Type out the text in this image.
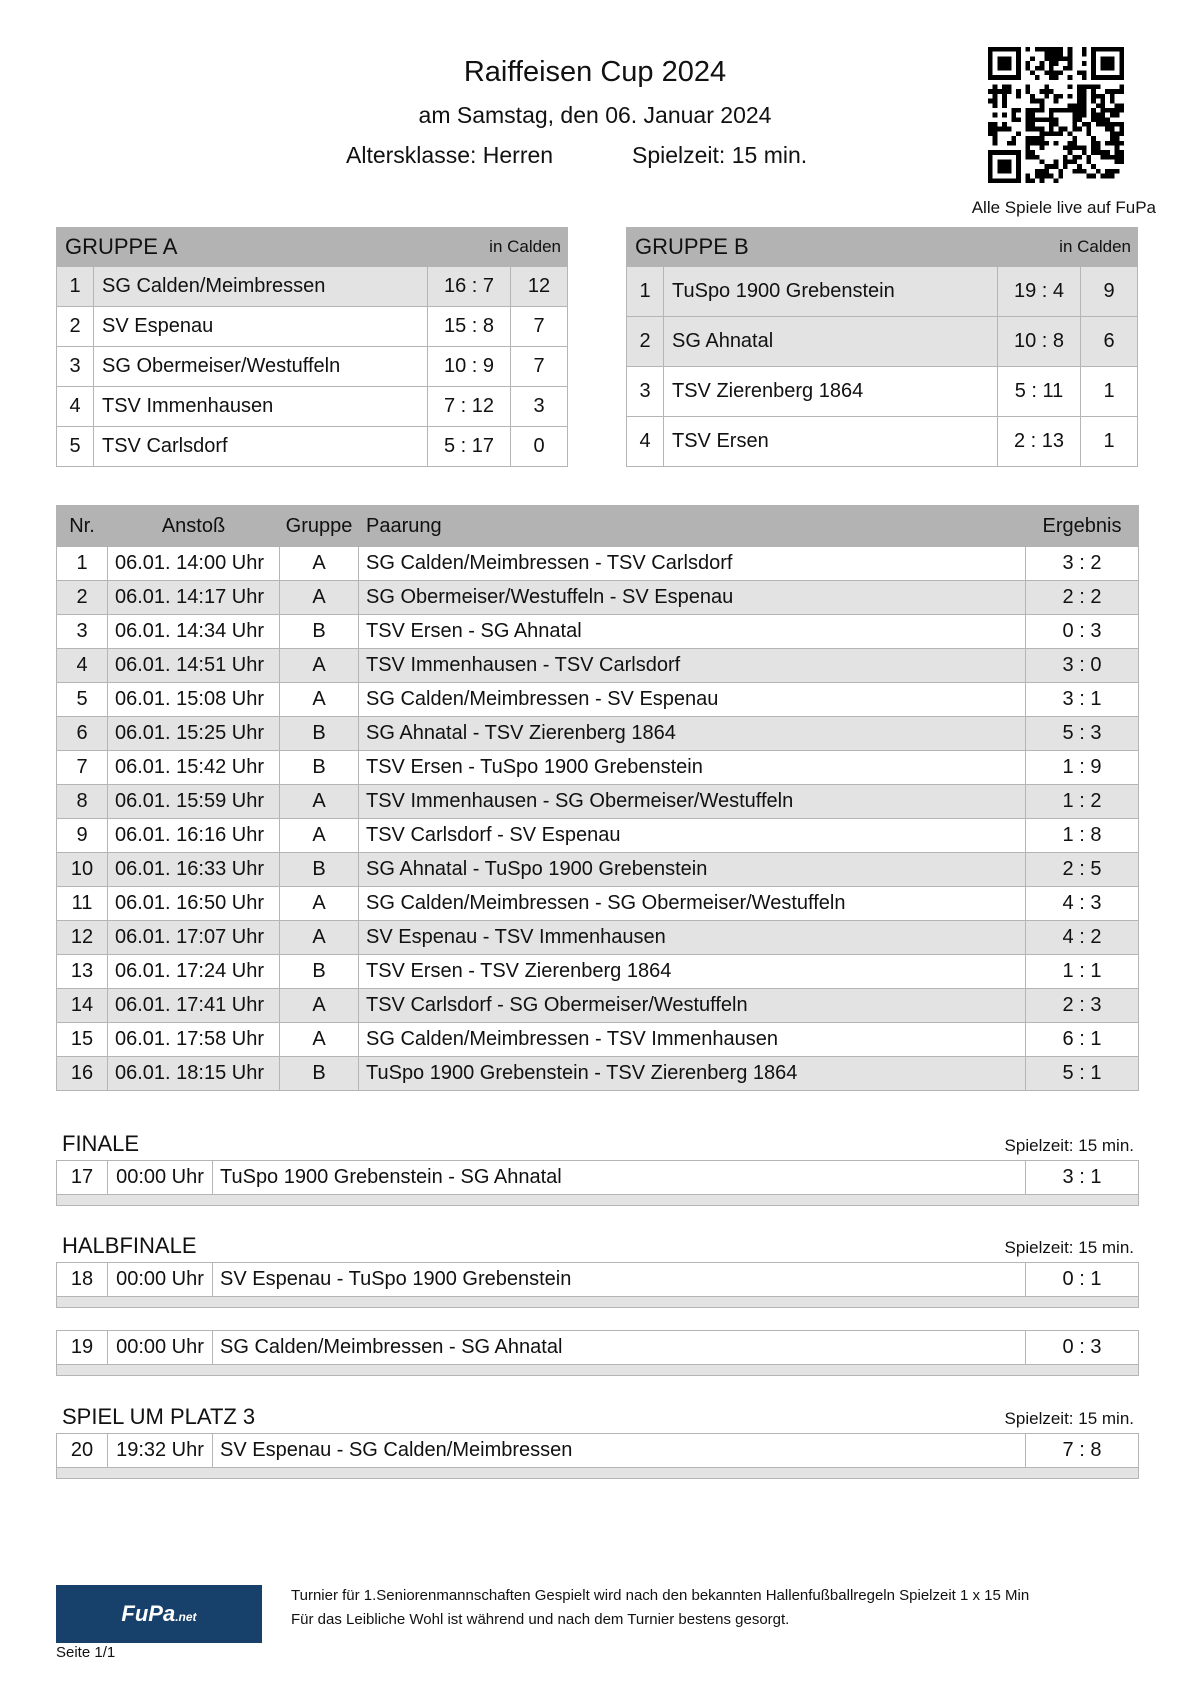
Raiffeisen Cup 2024
am Samstag, den 06. Januar 2024
Altersklasse: Herren	Spielzeit: 15 min.
Alle Spiele live auf FuPa
GRUPPE A		in Calden	
1	SG Calden/Meimbressen	16 : 7	12
2	SV Espenau	15 : 8	7
3	SG Obermeiser/Westuffeln	10 : 9	7
4	TSV Immenhausen	7 : 12	3
5	TSV Carlsdorf	5 : 17	0
GRUPPE B		in Calden	
1	TuSpo 1900 Grebenstein	19 : 4	9
2	SG Ahnatal	10 : 8	6
3	TSV Zierenberg 1864	5 : 11	1
4	TSV Ersen	2 : 13	1
Nr.	Anstoß	Gruppe	Paarung	Ergebnis
1	06.01. 14:00 Uhr	A	SG Calden/Meimbressen - TSV Carlsdorf	3 : 2
2	06.01. 14:17 Uhr	A	SG Obermeiser/Westuffeln - SV Espenau	2 : 2
3	06.01. 14:34 Uhr	B	TSV Ersen - SG Ahnatal	0 : 3
4	06.01. 14:51 Uhr	A	TSV Immenhausen - TSV Carlsdorf	3 : 0
5	06.01. 15:08 Uhr	A	SG Calden/Meimbressen - SV Espenau	3 : 1
6	06.01. 15:25 Uhr	B	SG Ahnatal - TSV Zierenberg 1864	5 : 3
7	06.01. 15:42 Uhr	B	TSV Ersen - TuSpo 1900 Grebenstein	1 : 9
8	06.01. 15:59 Uhr	A	TSV Immenhausen - SG Obermeiser/Westuffeln	1 : 2
9	06.01. 16:16 Uhr	A	TSV Carlsdorf - SV Espenau	1 : 8
10	06.01. 16:33 Uhr	B	SG Ahnatal - TuSpo 1900 Grebenstein	2 : 5
11	06.01. 16:50 Uhr	A	SG Calden/Meimbressen - SG Obermeiser/Westuffeln	4 : 3
12	06.01. 17:07 Uhr	A	SV Espenau - TSV Immenhausen	4 : 2
13	06.01. 17:24 Uhr	B	TSV Ersen - TSV Zierenberg 1864	1 : 1
14	06.01. 17:41 Uhr	A	TSV Carlsdorf - SG Obermeiser/Westuffeln	2 : 3
15	06.01. 17:58 Uhr	A	SG Calden/Meimbressen - TSV Immenhausen	6 : 1
16	06.01. 18:15 Uhr	B	TuSpo 1900 Grebenstein - TSV Zierenberg 1864	5 : 1
FINALE	Spielzeit: 15 min.
17	00:00 Uhr	TuSpo 1900 Grebenstein - SG Ahnatal	3 : 1

HALBFINALE	Spielzeit: 15 min.
18	00:00 Uhr	SV Espenau - TuSpo 1900 Grebenstein	0 : 1

19	00:00 Uhr	SG Calden/Meimbressen - SG Ahnatal	0 : 3

SPIEL UM PLATZ 3	Spielzeit: 15 min.
20	19:32 Uhr	SV Espenau - SG Calden/Meimbressen	7 : 8

FuPa.net
Turnier für 1.Seniorenmannschaften Gespielt wird nach den bekannten Hallenfußballregeln Spielzeit 1 x 15 Min
Für das Leibliche Wohl ist während und nach dem Turnier bestens gesorgt.
Seite 1/1
